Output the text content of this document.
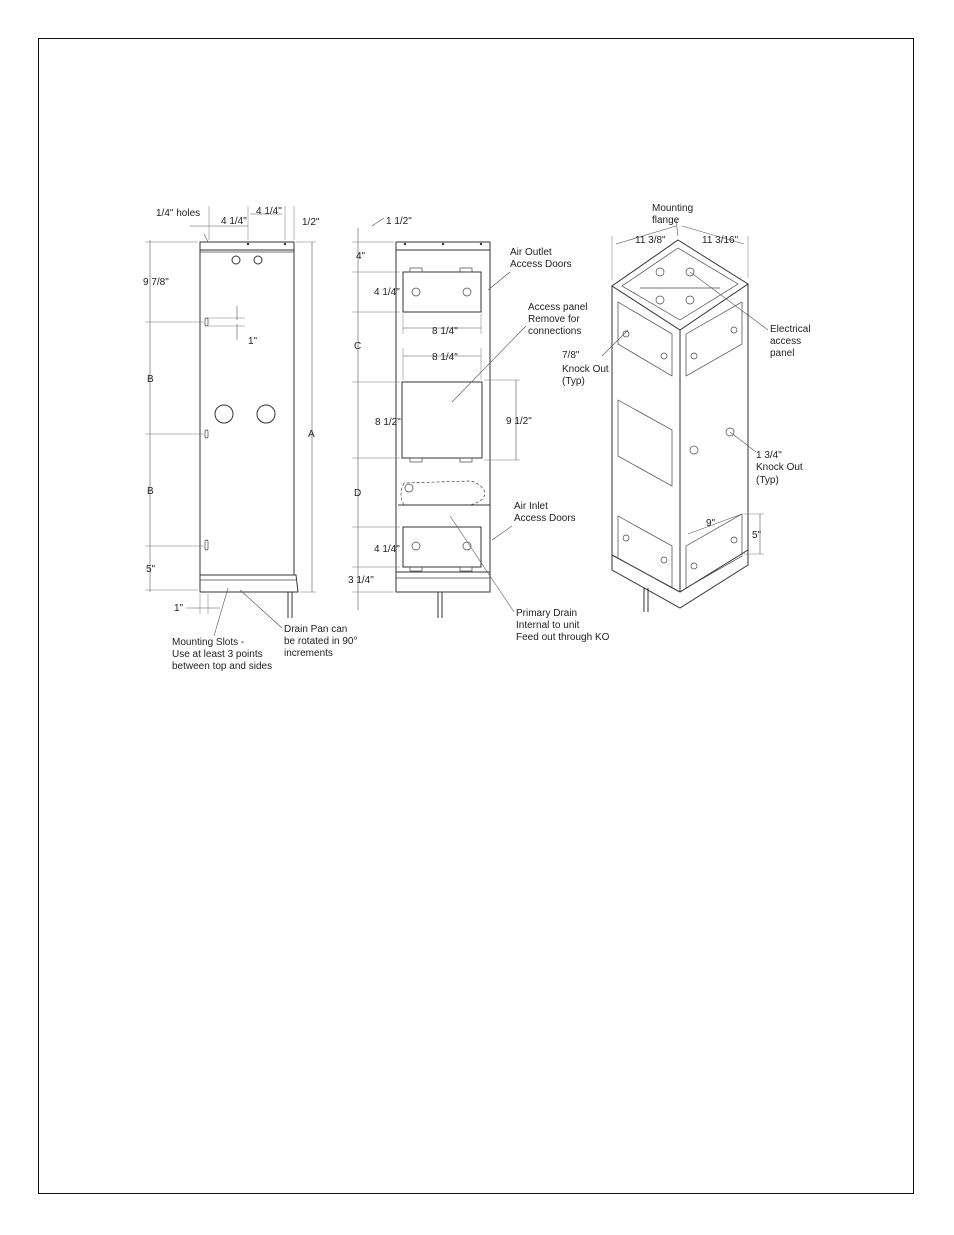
9 7/8"
B
B
5"
1"
1/4" holes
4 1/4"
4 1/4"
1/2"
A
1"
Mounting Slots -
Use at least 3 points
between top and sides
Drain Pan can
be rotated in 90°
increments
1 1/2"
4"
4 1/4"
C
8 1/2"
D
4 1/4"
3 1/4"
8 1/4"
8 1/4"
9 1/2"
Air Outlet
Access Doors
Access panel
Remove for
connections
Air Inlet
Access Doors
Primary Drain
Internal to unit
Feed out through KO
Mounting
flange
11 3/8"	11 3/16"
Electrical
access
panel
7/8"
Knock Out
(Typ)
1 3/4"
Knock Out
(Typ)
9"
5"
